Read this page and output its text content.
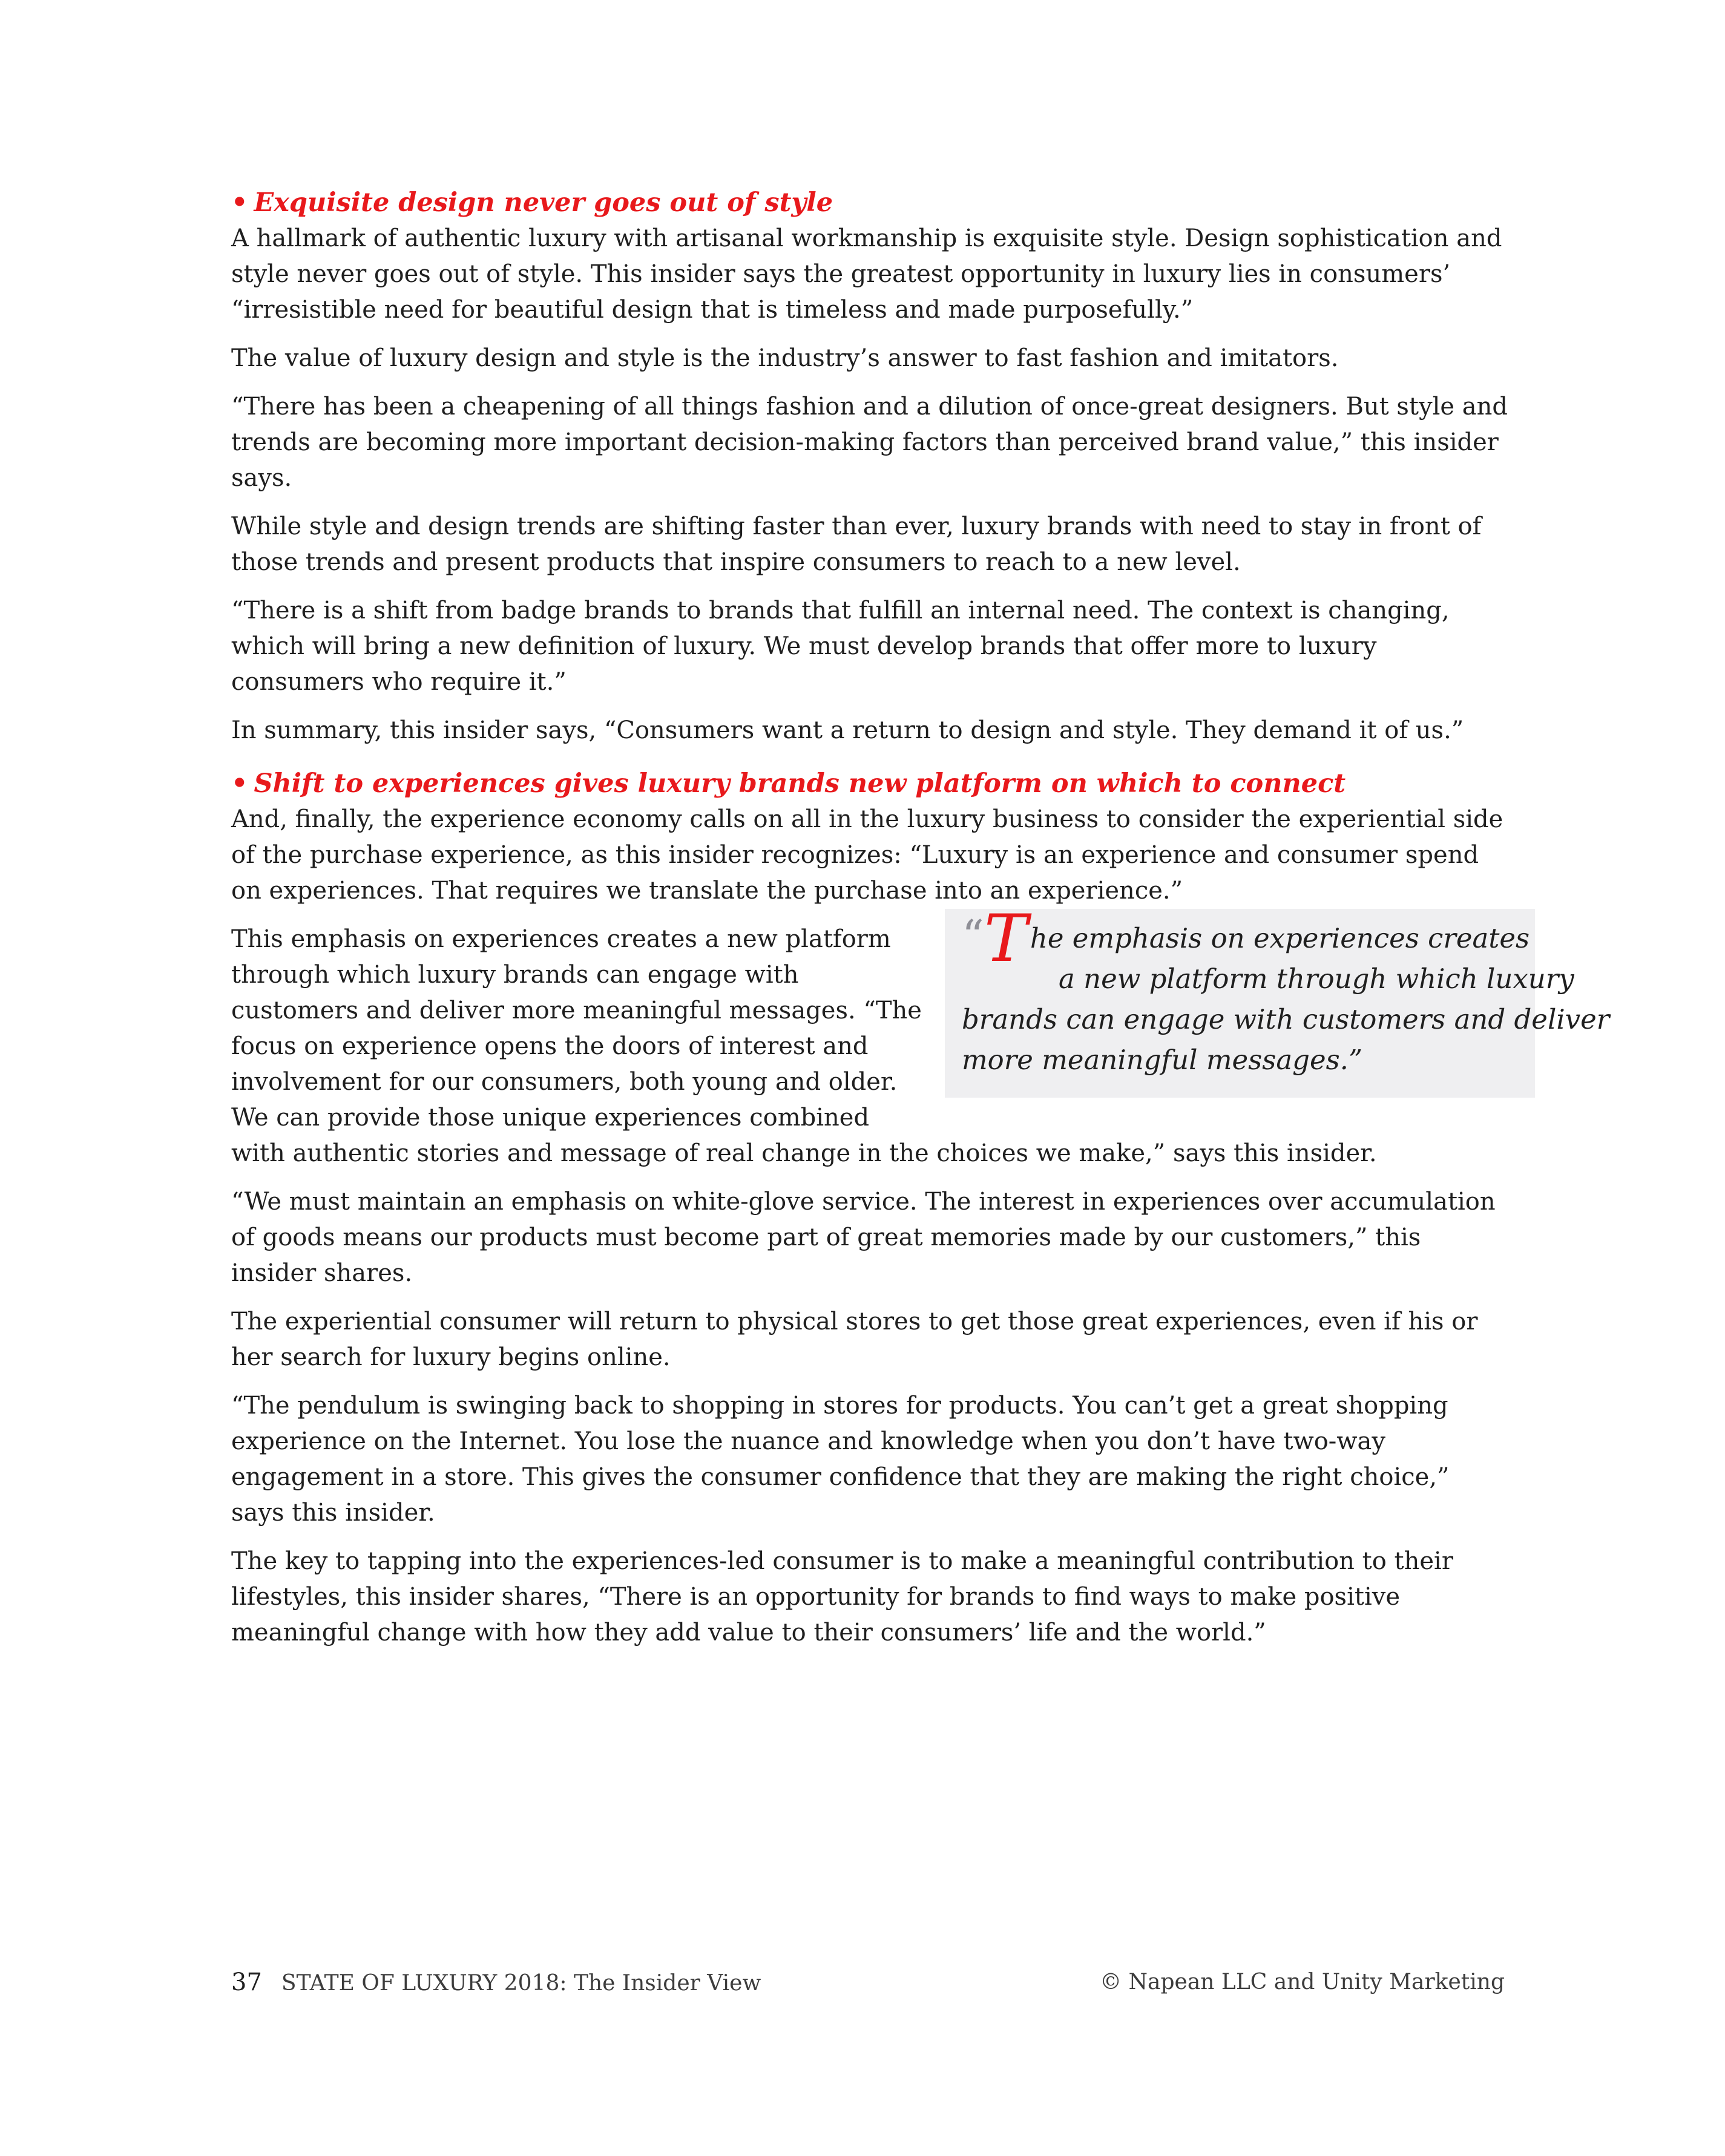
• Exquisite design never goes out of style

A hallmark of authentic luxury with artisanal workmanship is exquisite style. Design sophistication and style never goes out of style. This insider says the greatest opportunity in luxury lies in consumers’ “irresistible need for beautiful design that is timeless and made purposefully.”

The value of luxury design and style is the industry’s answer to fast fashion and imitators.

“There has been a cheapening of all things fashion and a dilution of once-great designers. But style and trends are becoming more important decision-making factors than perceived brand value,” this insider says.

While style and design trends are shifting faster than ever, luxury brands with need to stay in front of those trends and present products that inspire consumers to reach to a new level.

“There is a shift from badge brands to brands that fulfill an internal need. The context is changing, which will bring a new definition of luxury. We must develop brands that offer more to luxury consumers who require it.”

In summary, this insider says, “Consumers want a return to design and style. They demand it of us.”

• Shift to experiences gives luxury brands new platform on which to connect

And, finally, the experience economy calls on all in the luxury business to consider the experiential side of the purchase experience, as this insider recognizes: “Luxury is an experience and consumer spend on experiences. That requires we translate the purchase into an experience.”

“The emphasis on experiences creates
a new platform through which luxury
brands can engage with customers and deliver
more meaningful messages.”

This emphasis on experiences creates a new platform through which luxury brands can engage with customers and deliver more meaningful messages. “The focus on experience opens the doors of interest and involvement for our consumers, both young and older. We can provide those unique experiences combined with authentic stories and message of real change in the choices we make,” says this insider.

“We must maintain an emphasis on white-glove service. The interest in experiences over accumulation of goods means our products must become part of great memories made by our customers,” this insider shares.

The experiential consumer will return to physical stores to get those great experiences, even if his or her search for luxury begins online.

“The pendulum is swinging back to shopping in stores for products. You can’t get a great shopping experience on the Internet. You lose the nuance and knowledge when you don’t have two-way engagement in a store. This gives the consumer confidence that they are making the right choice,” says this insider.

The key to tapping into the experiences-led consumer is to make a meaningful contribution to their lifestyles, this insider shares, “There is an opportunity for brands to find ways to make positive meaningful change with how they add value to their consumers’ life and the world.”

37 STATE OF LUXURY 2018: The Insider View	© Napean LLC and Unity Marketing
